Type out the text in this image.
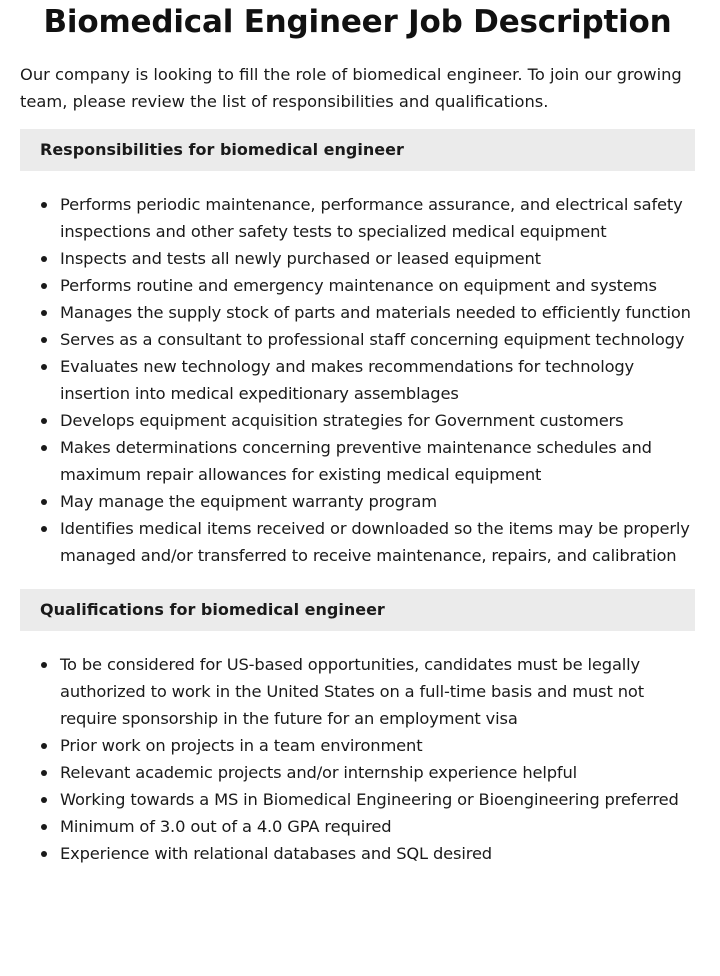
Biomedical Engineer Job Description

Our company is looking to fill the role of biomedical engineer. To join our growing team, please review the list of responsibilities and qualifications.

Responsibilities for biomedical engineer
Performs periodic maintenance, performance assurance, and electrical safety inspections and other safety tests to specialized medical equipment
Inspects and tests all newly purchased or leased equipment
Performs routine and emergency maintenance on equipment and systems
Manages the supply stock of parts and materials needed to efficiently function
Serves as a consultant to professional staff concerning equipment technology
Evaluates new technology and makes recommendations for technology insertion into medical expeditionary assemblages
Develops equipment acquisition strategies for Government customers
Makes determinations concerning preventive maintenance schedules and maximum repair allowances for existing medical equipment
May manage the equipment warranty program
Identifies medical items received or downloaded so the items may be properly managed and/or transferred to receive maintenance, repairs, and calibration
Qualifications for biomedical engineer
To be considered for US-based opportunities, candidates must be legally authorized to work in the United States on a full-time basis and must not require sponsorship in the future for an employment visa
Prior work on projects in a team environment
Relevant academic projects and/or internship experience helpful
Working towards a MS in Biomedical Engineering or Bioengineering preferred
Minimum of 3.0 out of a 4.0 GPA required
Experience with relational databases and SQL desired
